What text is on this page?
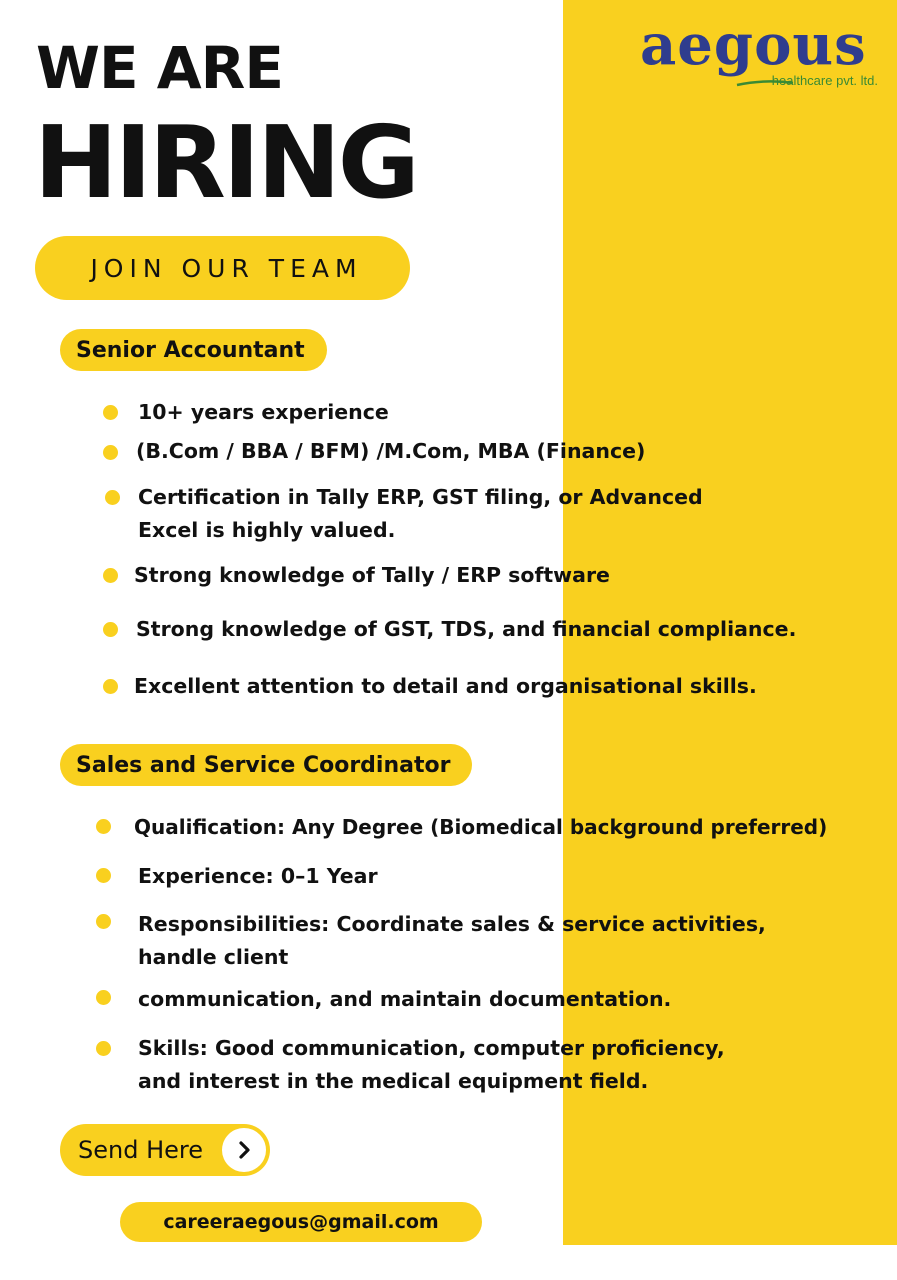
aegous
healthcare pvt. ltd.
WE ARE
HIRING
JOIN OUR TEAM
Senior Accountant
10+ years experience
(B.Com / BBA / BFM) /M.Com, MBA (Finance)
Certification in Tally ERP, GST filing, or Advanced
Excel is highly valued.
Strong knowledge of Tally / ERP software
Strong knowledge of GST, TDS, and financial compliance.
Excellent attention to detail and organisational skills.
Sales and Service Coordinator
Qualification: Any Degree (Biomedical background preferred)
Experience: 0–1 Year
Responsibilities: Coordinate sales & service activities,
handle client
communication, and maintain documentation.
Skills: Good communication, computer proficiency,
and interest in the medical equipment field.
Send Here
careeraegous@gmail.com
